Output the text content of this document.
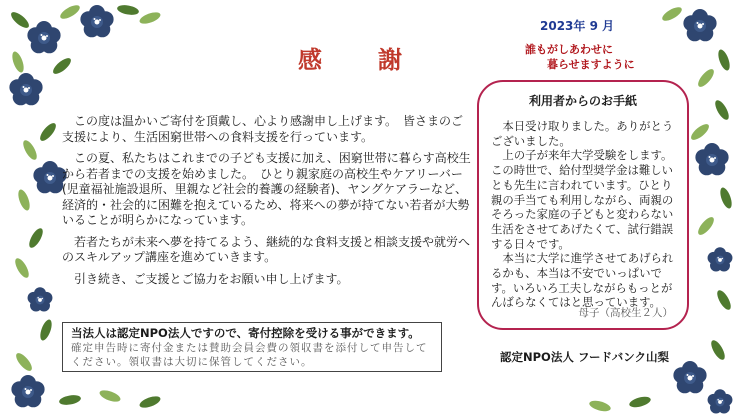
感　謝
2023年 9 月
誰もがしあわせに
暮らせますように

　この度は温かいご寄付を頂戴し、心より感謝申し上げます。　皆さまのご支援により、生活困窮世帯への食料支援を行っています。

　この夏、私たちはこれまでの子ども支援に加え、困窮世帯に暮らす高校生から若者までの支援を始めました。　ひとり親家庭の高校生やケアリーバー(児童福祉施設退所、里親など社会的養護の経験者)、ヤングケアラーなど、経済的・社会的に困難を抱えているため、将来への夢が持てない若者が大勢いることが明らかになっています。

　若者たちが未来へ夢を持てるよう、継続的な食料支援と相談支援や就労へのスキルアップ講座を進めていきます。

　引き続き、ご支援とご協力をお願い申し上げます。

当法人は認定NPO法人ですので、寄付控除を受ける事ができます。
確定申告時に寄付金または賛助会員会費の領収書を添付して申告してください。領収書は大切に保管してください。
利用者からのお手紙

　本日受け取りました。ありがとうございました。

　上の子が来年大学受験をします。この時世で、給付型奨学金は難しいとも先生に言われています。ひとり親の手当ても利用しながら、両親のそろった家庭の子どもと変わらない生活をさせてあげたくて、試行錯誤する日々です。

　本当に大学に進学させてあげられるかも、本当は不安でいっぱいです。いろいろ工夫しながらもっとがんばらなくてはと思っています。

母子（高校生２人）
認定NPO法人 フードバンク山梨
